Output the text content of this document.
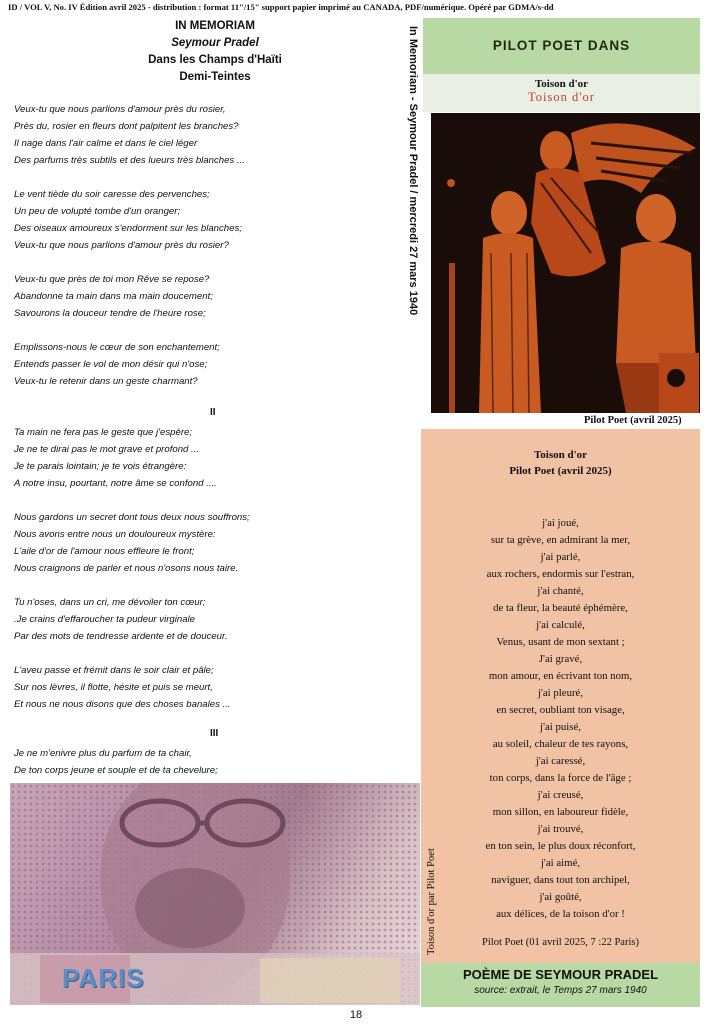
ID / VOL V, No. IV Édition avril 2025 - distribution : format 11"/15" support papier imprimé au CANADA, PDF/numérique. Opéré par GDMA/s-dd
IN MEMORIAM
Seymour Pradel
Dans les Champs d'Haïti
Demi-Teintes
Veux-tu que nous parlions d'amour près du rosier,
Près du, rosier en fleurs dont palpitent les branches?
Il nage dans l'air calme et dans le ciel léger
Des parfums très subtils et des lueurs très blanches ...
Le vent tiède du soir caresse des pervenches;
Un peu de volupté tombe d'un oranger;
Des oiseaux amoureux s'endorment sur les blanches;
Veux-tu que nous parlions d'amour près du rosier?
Veux-tu que près de toi mon Rêve se repose?
Abandonne ta main dans ma main doucement;
Savourons la douceur tendre de l'heure rose;
Emplissons-nous le cœur de son enchantement;
Entends passer le vol de mon désir qui n'ose;
Veux-tu le retenir dans un geste charmant?
II
Ta main ne fera pas le geste que j'espère;
Je ne te dirai pas le mot grave et profond ...
Je te parais lointain; je te vois étrangère:
A notre insu, pourtant, notre âme se confond ....
Nous gardons un secret dont tous deux nous souffrons;
Nous avons entre nous un douloureux mystère:
L'aile d'or de l'amour nous effleure le front;
Nous craignons de parler et nous n'osons nous taire.
Tu n'oses, dans un cri, me dévoiler ton cœur;
.Je crains d'effaroucher ta pudeur virginale
Par des mots de tendresse ardente et de douceur.
L'aveu passe et frémit dans le soir clair et pâle;
Sur nos lèvres, il flotte, hésite et puis se meurt,
Et nous ne nous disons que des choses banales ...
III
Je ne m'enivre plus du parfum de ta chair,
De ton corps jeune et souple et de ta chevelure;
In Memoriam - Seymour Pradel / mercredi 27 mars 1940	PILOT POET DANS
Toison d'or
Toison d'or
Pilot Poet (avril 2025)
Toison d'or
Pilot Poet (avril 2025)
j'ai joué,
sur ta grève, en admirant la mer,
j'ai parlé,
aux rochers, endormis sur l'estran,
j'ai chanté,
de ta fleur, la beauté éphémère,
j'ai calculé,
Venus, usant de mon sextant ;
J'ai gravé,
mon amour, en écrivant ton nom,
j'ai pleuré,
en secret, oubliant ton visage,
j'ai puisé,
au soleil, chaleur de tes rayons,
j'ai caressé,
ton corps, dans la force de l'âge ;
j'ai creusé,
mon sillon, en laboureur fidèle,
j'ai trouvé,
en ton sein, le plus doux réconfort,
j'ai aimé,
naviguer, dans tout ton archipel,
j'ai goûté,
aux délices, de la toison d'or !
Pilot Poet (01 avril 2025, 7 :22 Paris)
POÈME DE SEYMOUR PRADEL
source: extrait, le Temps 27 mars 1940
PARIS
Toison d'or par Pilot Poet
18
